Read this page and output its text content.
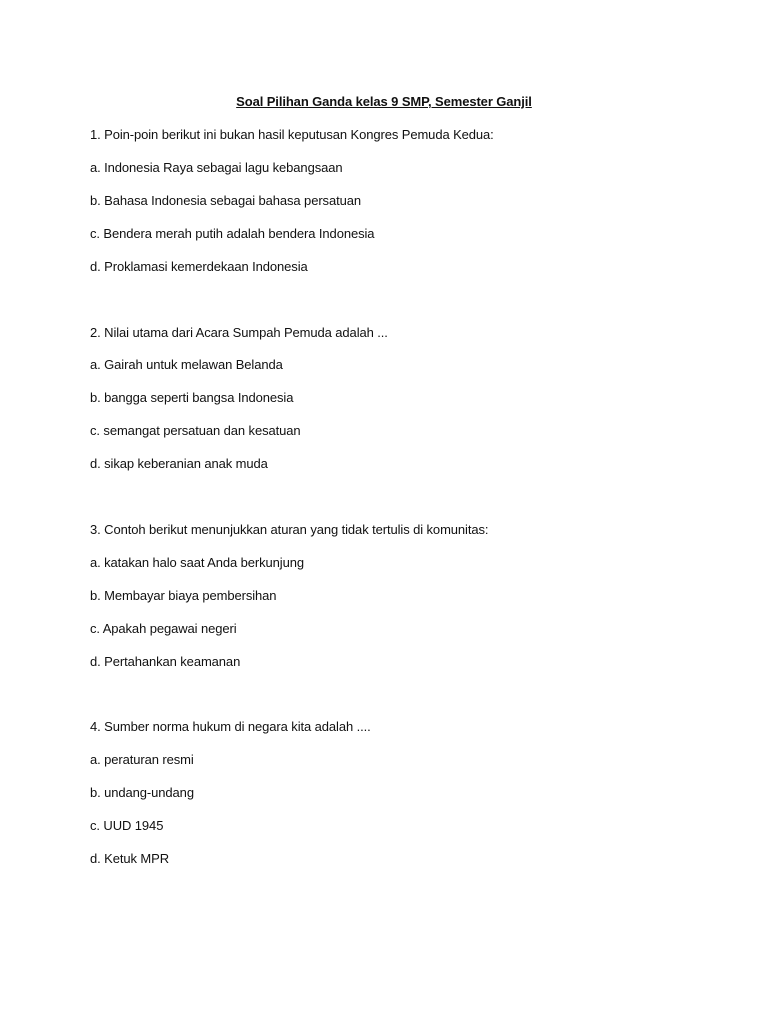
Soal Pilihan Ganda kelas 9 SMP, Semester Ganjil
1. Poin-poin berikut ini bukan hasil keputusan Kongres Pemuda Kedua:
a. Indonesia Raya sebagai lagu kebangsaan
b. Bahasa Indonesia sebagai bahasa persatuan
c. Bendera merah putih adalah bendera Indonesia
d. Proklamasi kemerdekaan Indonesia
2. Nilai utama dari Acara Sumpah Pemuda adalah ...
a. Gairah untuk melawan Belanda
b. bangga seperti bangsa Indonesia
c. semangat persatuan dan kesatuan
d. sikap keberanian anak muda
3. Contoh berikut menunjukkan aturan yang tidak tertulis di komunitas:
a. katakan halo saat Anda berkunjung
b. Membayar biaya pembersihan
c. Apakah pegawai negeri
d. Pertahankan keamanan
4. Sumber norma hukum di negara kita adalah ....
a. peraturan resmi
b. undang-undang
c. UUD 1945
d. Ketuk MPR
